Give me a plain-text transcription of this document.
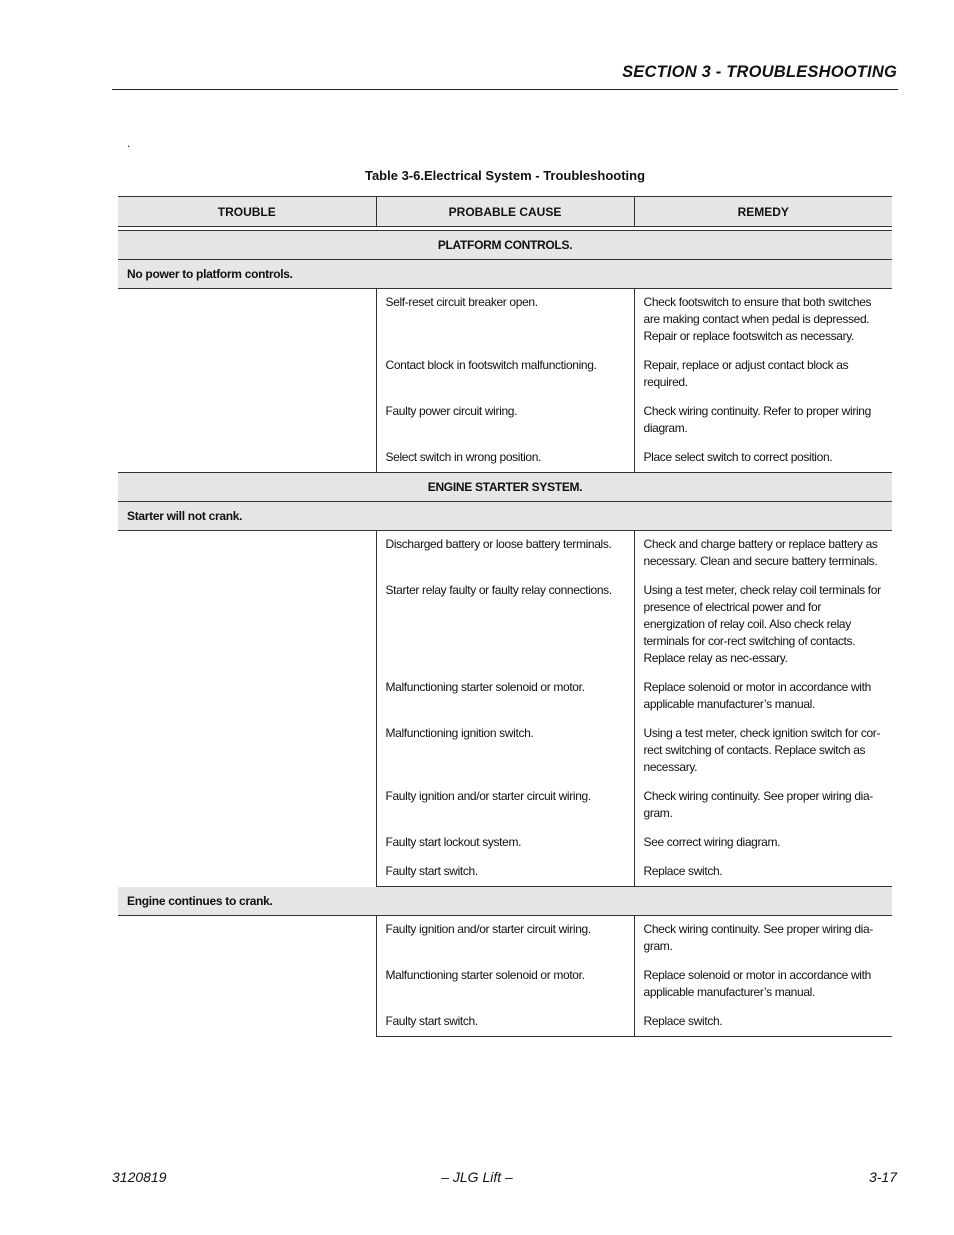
SECTION 3 - TROUBLESHOOTING
.
Table 3-6.Electrical System - Troubleshooting
TROUBLE	PROBABLE CAUSE	REMEDY

PLATFORM CONTROLS.		
No power to platform controls.		
	Self-reset circuit breaker open.	Check footswitch to ensure that both switches are making contact when pedal is depressed. Repair or replace footswitch as necessary.
	Contact block in footswitch malfunctioning.	Repair, replace or adjust contact block as required.
	Faulty power circuit wiring.	Check wiring continuity. Refer to proper wiring diagram.
	Select switch in wrong position.	Place select switch to correct position.
ENGINE STARTER SYSTEM.		
Starter will not crank.		
	Discharged battery or loose battery terminals.	Check and charge battery or replace battery as necessary. Clean and secure battery terminals.
	Starter relay faulty or faulty relay connections.	Using a test meter, check relay coil terminals for presence of electrical power and for energization of relay coil. Also check relay terminals for cor-rect switching of contacts. Replace relay as nec-essary.
	Malfunctioning starter solenoid or motor.	Replace solenoid or motor in accordance with applicable manufacturer’s manual.
	Malfunctioning ignition switch.	Using a test meter, check ignition switch for cor-rect switching of contacts. Replace switch as necessary.
	Faulty ignition and/or starter circuit wiring.	Check wiring continuity. See proper wiring dia-gram.
	Faulty start lockout system.	See correct wiring diagram.
	Faulty start switch.	Replace switch.
Engine continues to crank.		
	Faulty ignition and/or starter circuit wiring.	Check wiring continuity. See proper wiring dia-gram.
	Malfunctioning starter solenoid or motor.	Replace solenoid or motor in accordance with applicable manufacturer’s manual.
	Faulty start switch.	Replace switch.
3120819	– JLG Lift –	3-17
